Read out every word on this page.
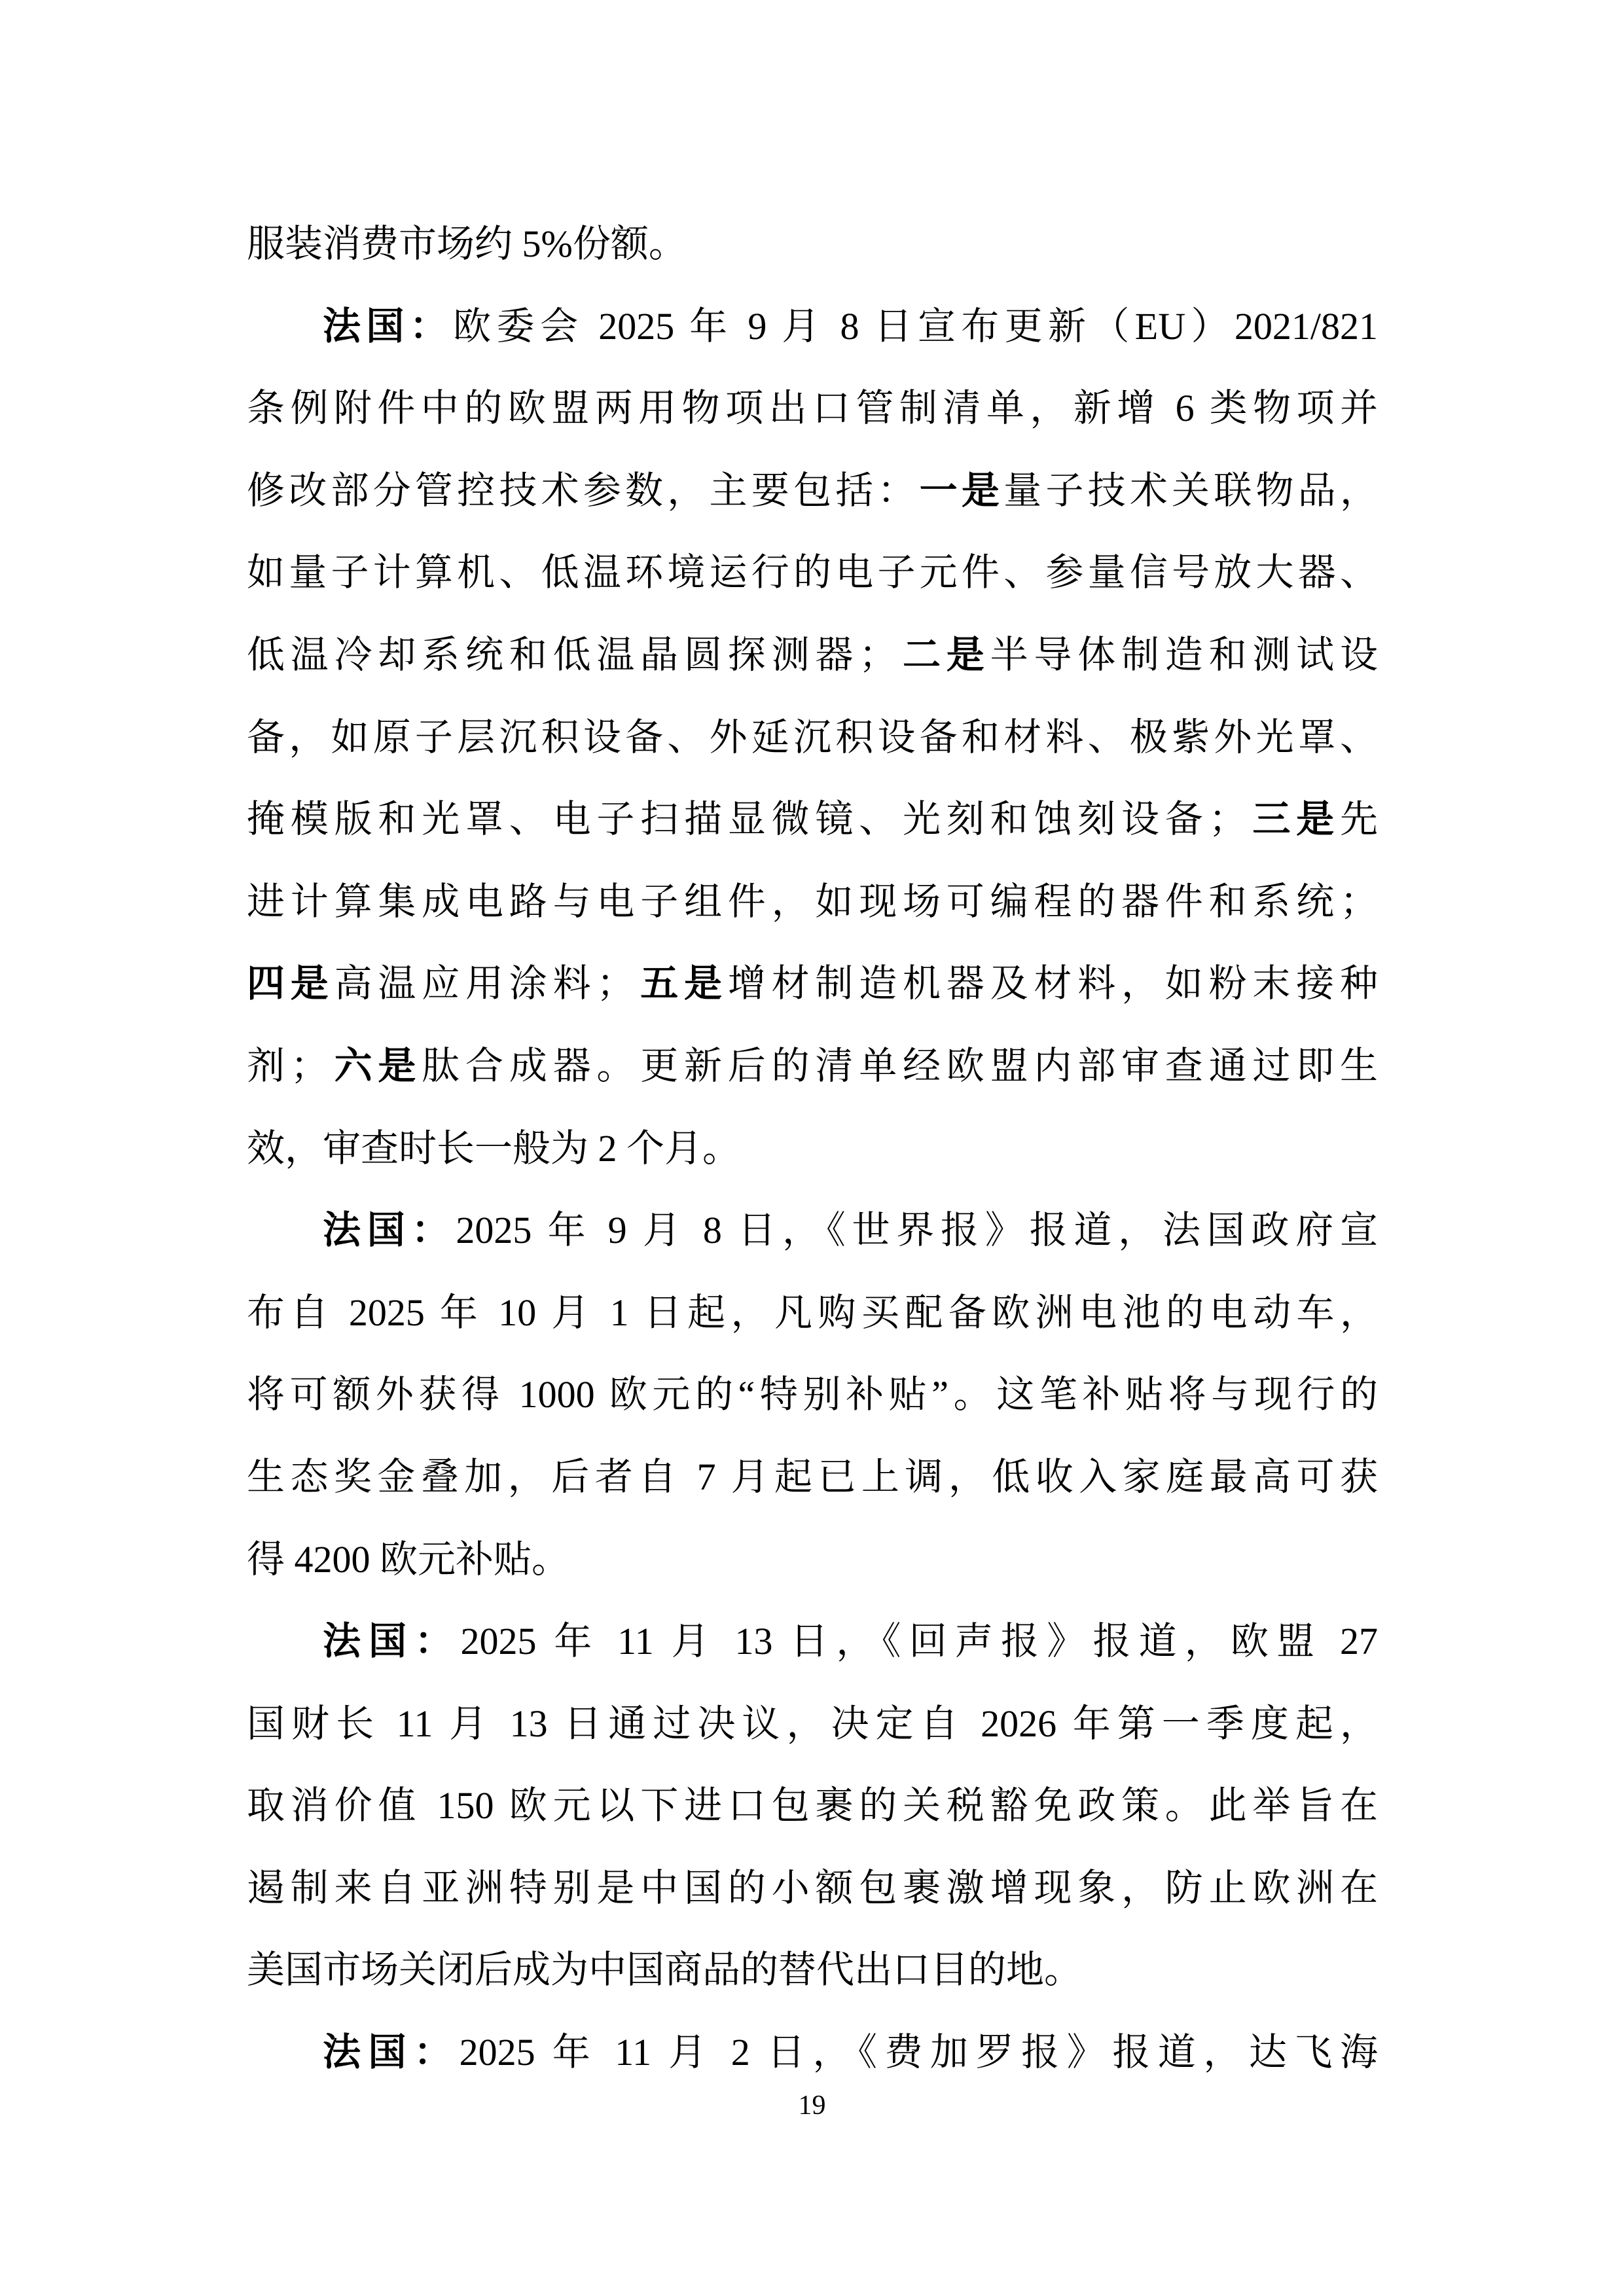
服装消费市场约 5%份额。
法国：欧委会 2025 年 9 月 8 日宣布更新（EU）2021/821
条例附件中的欧盟两用物项出口管制清单，新增 6 类物项并
修改部分管控技术参数，主要包括：一是量子技术关联物品，
如量子计算机、低温环境运行的电子元件、参量信号放大器、
低温冷却系统和低温晶圆探测器；二是半导体制造和测试设
备，如原子层沉积设备、外延沉积设备和材料、极紫外光罩、
掩模版和光罩、电子扫描显微镜、光刻和蚀刻设备；三是先
进计算集成电路与电子组件，如现场可编程的器件和系统；
四是高温应用涂料；五是增材制造机器及材料，如粉末接种
剂；六是肽合成器。更新后的清单经欧盟内部审查通过即生
效，审查时长一般为 2 个月。
法国：2025 年 9 月 8 日，《世界报》报道，法国政府宣
布自 2025 年 10 月 1 日起，凡购买配备欧洲电池的电动车，
将可额外获得 1000 欧元的“特别补贴”。这笔补贴将与现行的
生态奖金叠加，后者自 7 月起已上调，低收入家庭最高可获
得 4200 欧元补贴。
法国：2025 年 11 月 13 日，《回声报》报道，欧盟 27
国财长 11 月 13 日通过决议，决定自 2026 年第一季度起，
取消价值 150 欧元以下进口包裹的关税豁免政策。此举旨在
遏制来自亚洲特别是中国的小额包裹激增现象，防止欧洲在
美国市场关闭后成为中国商品的替代出口目的地。
法国：2025 年 11 月 2 日，《费加罗报》报道，达飞海
19
